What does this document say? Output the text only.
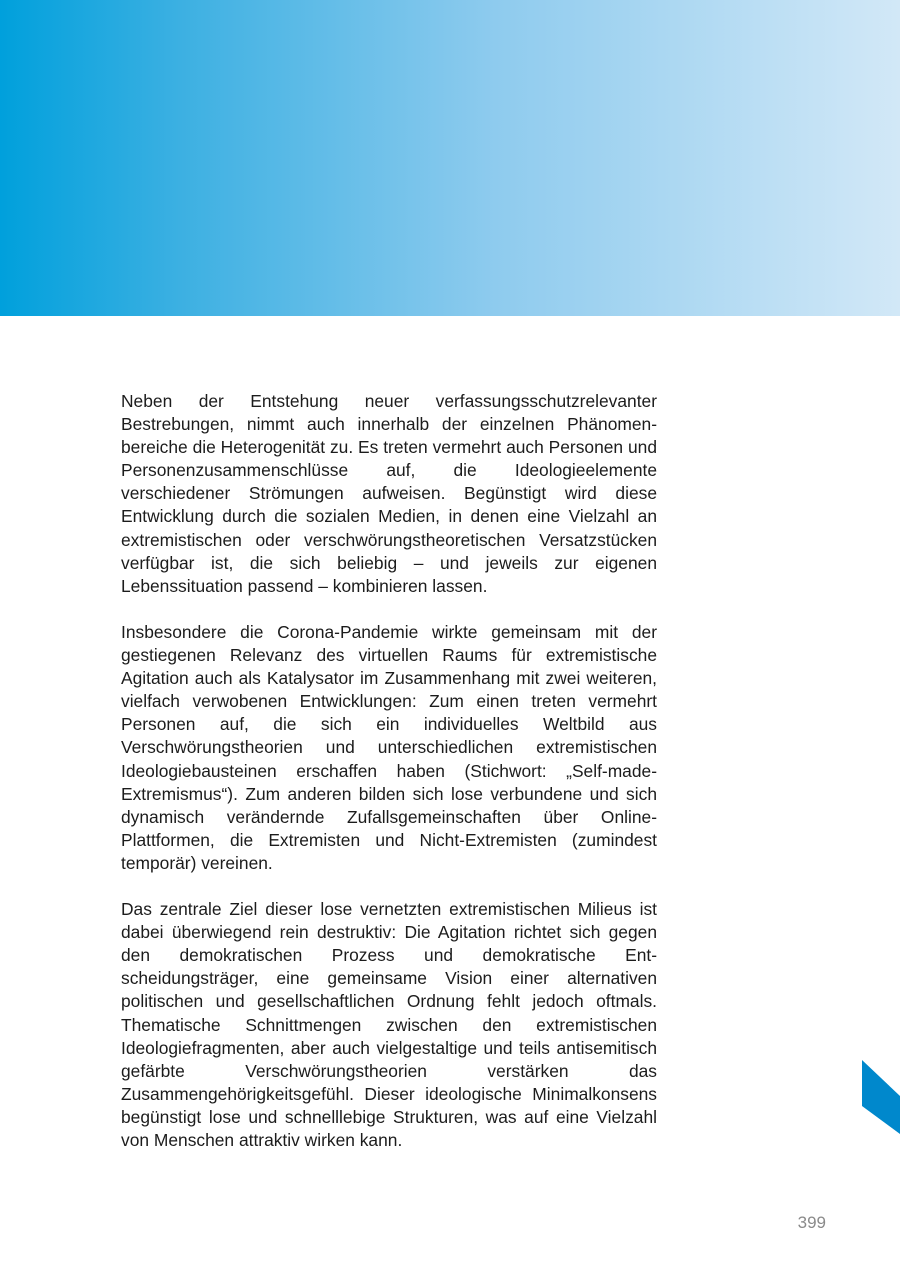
Neben der Entstehung neuer verfassungsschutzrelevanter Bestrebungen, nimmt auch innerhalb der einzelnen Phänomenbereiche die Heterogenität zu. Es treten vermehrt auch Personen und Personenzusammenschlüsse auf, die Ideologieelemente verschiedener Strömungen aufweisen. Begünstigt wird diese Entwicklung durch die sozialen Medien, in denen eine Vielzahl an extremistischen oder verschwörungstheoretischen Versatzstücken verfügbar ist, die sich beliebig – und jeweils zur eigenen Lebenssituation passend – kombinieren lassen.

Insbesondere die Corona-Pandemie wirkte gemeinsam mit der gestiegenen Relevanz des virtuellen Raums für extremistische Agitation auch als Katalysator im Zusammenhang mit zwei weiteren, vielfach verwobenen Entwicklungen: Zum einen treten vermehrt Personen auf, die sich ein individuelles Weltbild aus Verschwörungstheorien und unterschiedlichen extremistischen Ideologiebausteinen erschaffen haben (Stichwort: „Self-made-Extremismus“). Zum anderen bilden sich lose verbundene und sich dynamisch verändernde Zufallsgemeinschaften über Online-Plattformen, die Extremisten und Nicht-Extremisten (zumindest temporär) vereinen.

Das zentrale Ziel dieser lose vernetzten extremistischen Milieus ist dabei überwiegend rein destruktiv: Die Agitation richtet sich gegen den demokratischen Prozess und demokratische Entscheidungsträger, eine gemeinsame Vision einer alternativen politischen und gesellschaftlichen Ordnung fehlt jedoch oftmals. Thematische Schnittmengen zwischen den extremistischen Ideologiefragmenten, aber auch vielgestaltige und teils antisemitisch gefärbte Verschwörungstheorien verstärken das Zusammengehörigkeitsgefühl. Dieser ideologische Minimalkonsens begünstigt lose und schnelllebige Strukturen, was auf eine Vielzahl von Menschen attraktiv wirken kann.

399
